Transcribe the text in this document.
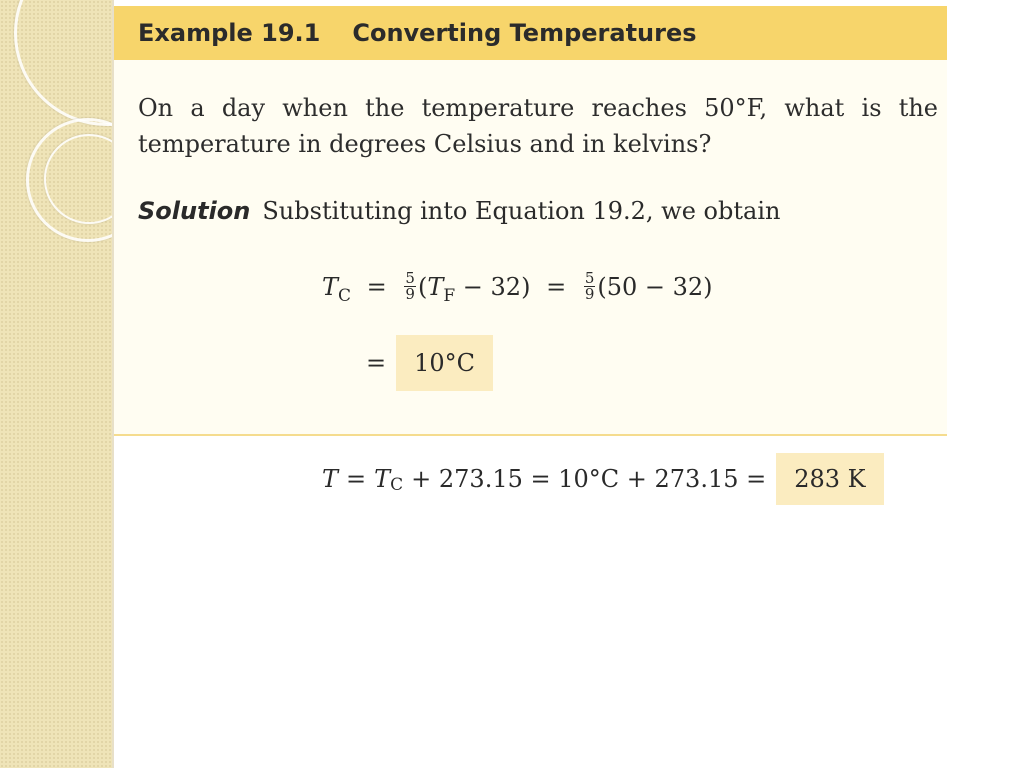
Example 19.1 Converting Temperatures
On a day when the temperature reaches 50°F, what is the temperature in degrees Celsius and in kelvins?
Solution Substituting into Equation 19.2, we obtain
$T_C = \frac{5}{9} (T_F - 32) = \frac{5}{9} (50 - 32)$
=	10°C
T = T C + 273.15 = 10°C + 273.15 =	283 K
